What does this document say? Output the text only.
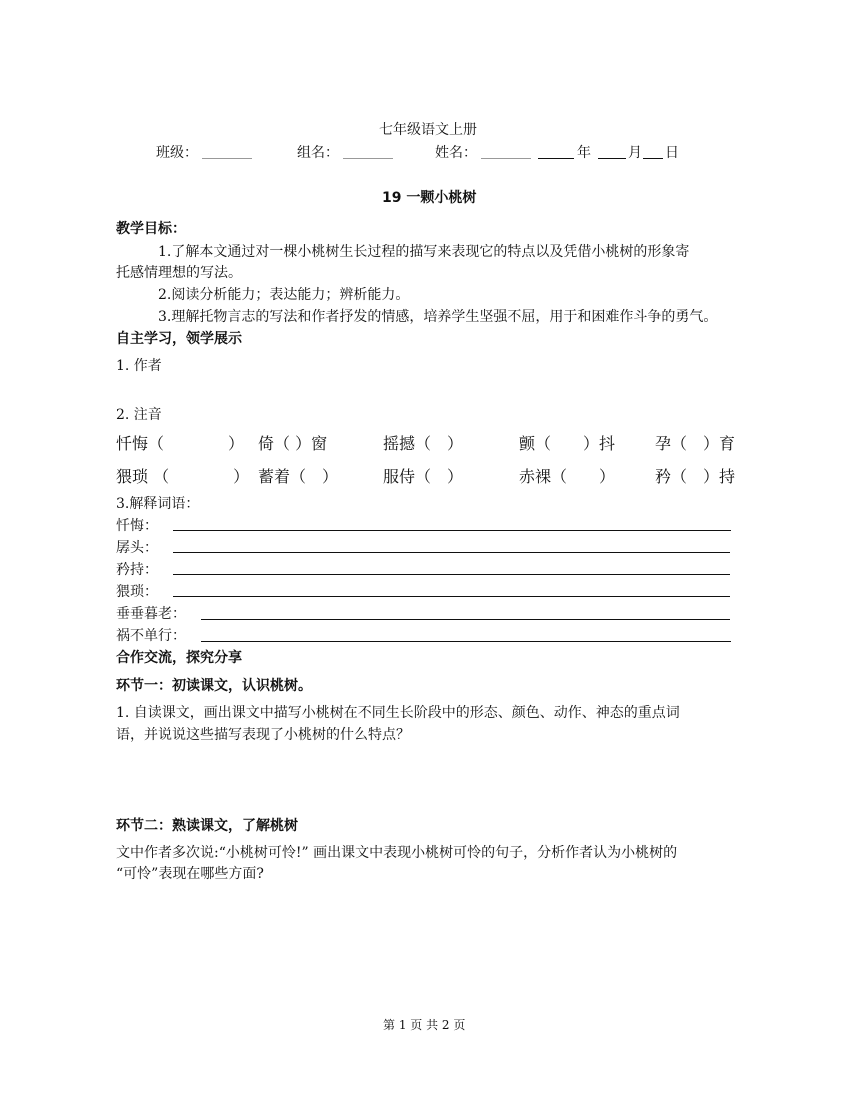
七年级语文上册
班级：	组名：	姓名：	年	月 日
19 一颗小桃树
教学目标：
1.了解本文通过对一棵小桃树生长过程的描写来表现它的特点以及凭借小桃树的形象寄
托感情理想的写法。
2.阅读分析能力；表达能力；辨析能力。
3.理解托物言志的写法和作者抒发的情感，培养学生坚强不屈，用于和困难作斗争的勇气。
自主学习，领学展示
1. 作者
2. 注音
忏悔（　　　　） 倚（ ）窗	摇撼（　）	颤（　　）抖 孕（　）育
猥琐 （　　　　） 蓄着（　）	服侍（　）	赤裸（　　） 矜（　）持
3.解释词语：
忏悔：
孱头：
矜持：
猥琐：
垂垂暮老：
祸不单行：
合作交流，探究分享
环节一：初读课文，认识桃树。
1. 自读课文，画出课文中描写小桃树在不同生长阶段中的形态、颜色、动作、神态的重点词
语，并说说这些描写表现了小桃树的什么特点？
环节二：熟读课文，了解桃树
文中作者多次说:“小桃树可怜!” 画出课文中表现小桃树可怜的句子，分析作者认为小桃树的
“可怜”表现在哪些方面?
第 1 页 共 2 页
